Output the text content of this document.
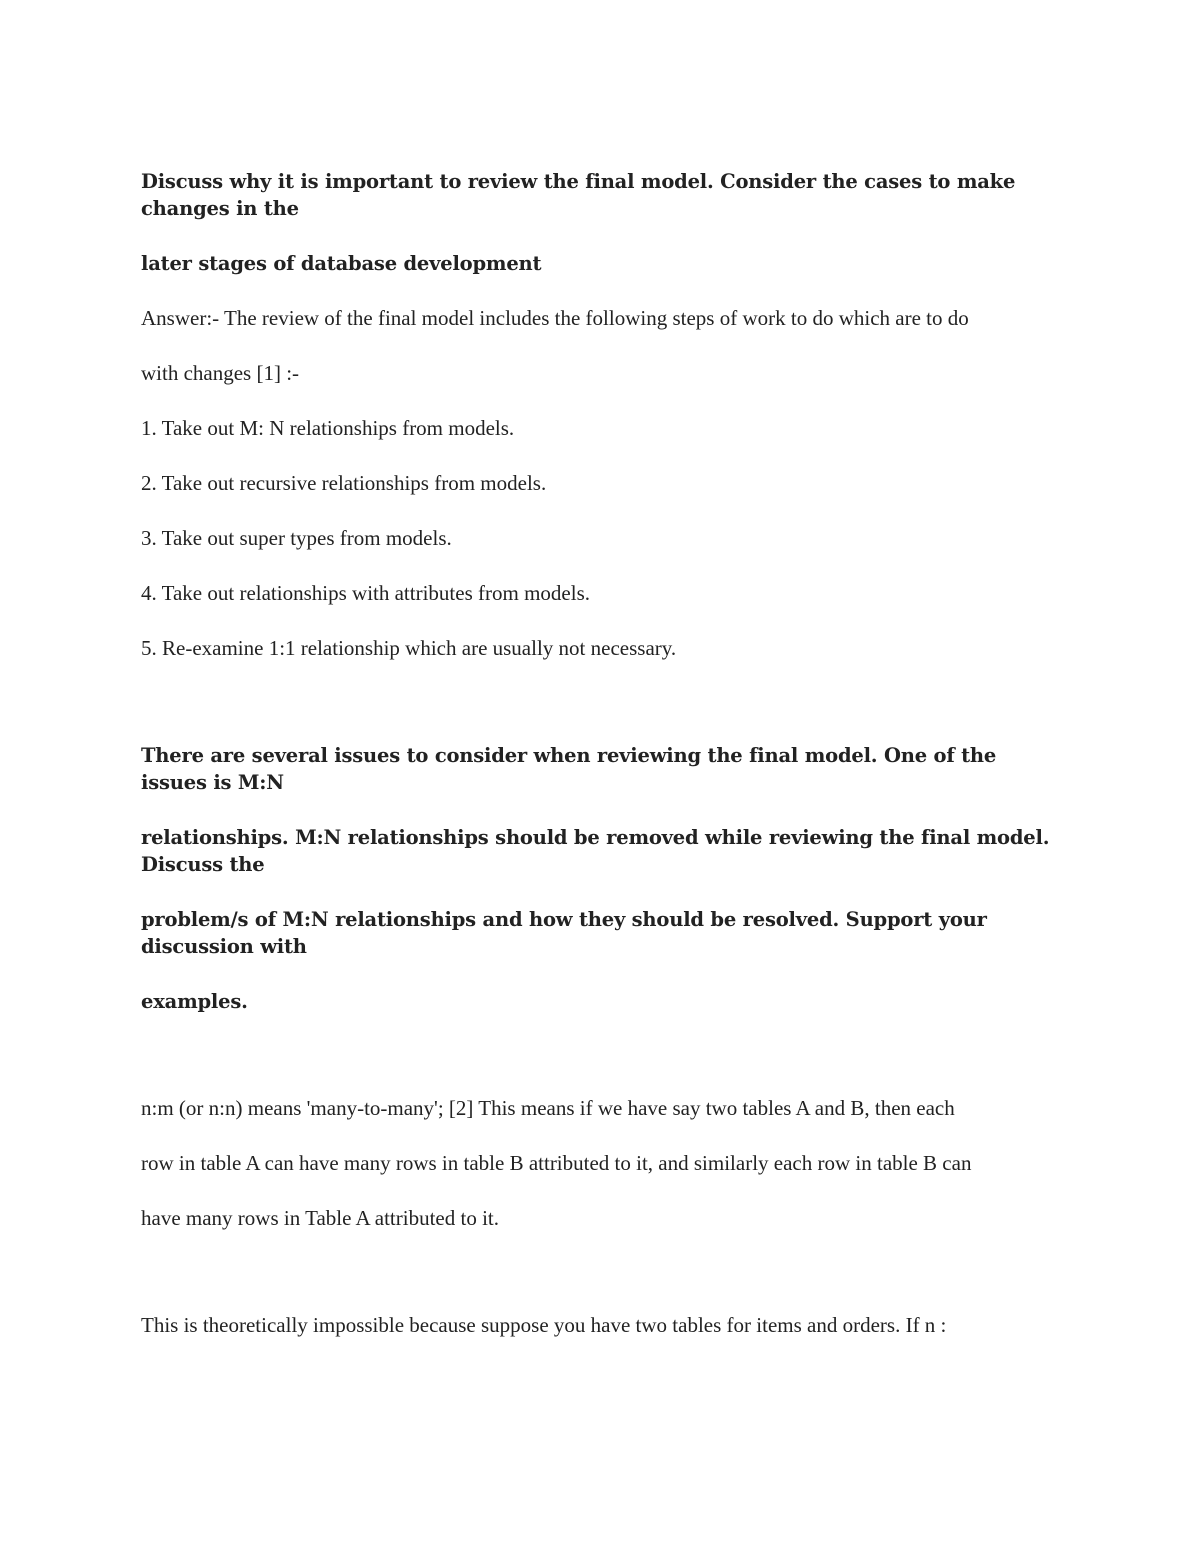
Discuss why it is important to review the final model. Consider the cases to make changes in the

later stages of database development

Answer:- The review of the final model includes the following steps of work to do which are to do

with changes [1] :-

1. Take out M: N relationships from models.

2. Take out recursive relationships from models.

3. Take out super types from models.

4. Take out relationships with attributes from models.

5. Re-examine 1:1 relationship which are usually not necessary.

There are several issues to consider when reviewing the final model. One of the issues is M:N

relationships. M:N relationships should be removed while reviewing the final model. Discuss the

problem/s of M:N relationships and how they should be resolved. Support your discussion with

examples.

n:m (or n:n) means 'many-to-many'; [2] This means if we have say two tables A and B, then each

row in table A can have many rows in table B attributed to it, and similarly each row in table B can

have many rows in Table A attributed to it.

This is theoretically impossible because suppose you have two tables for items and orders. If n :
